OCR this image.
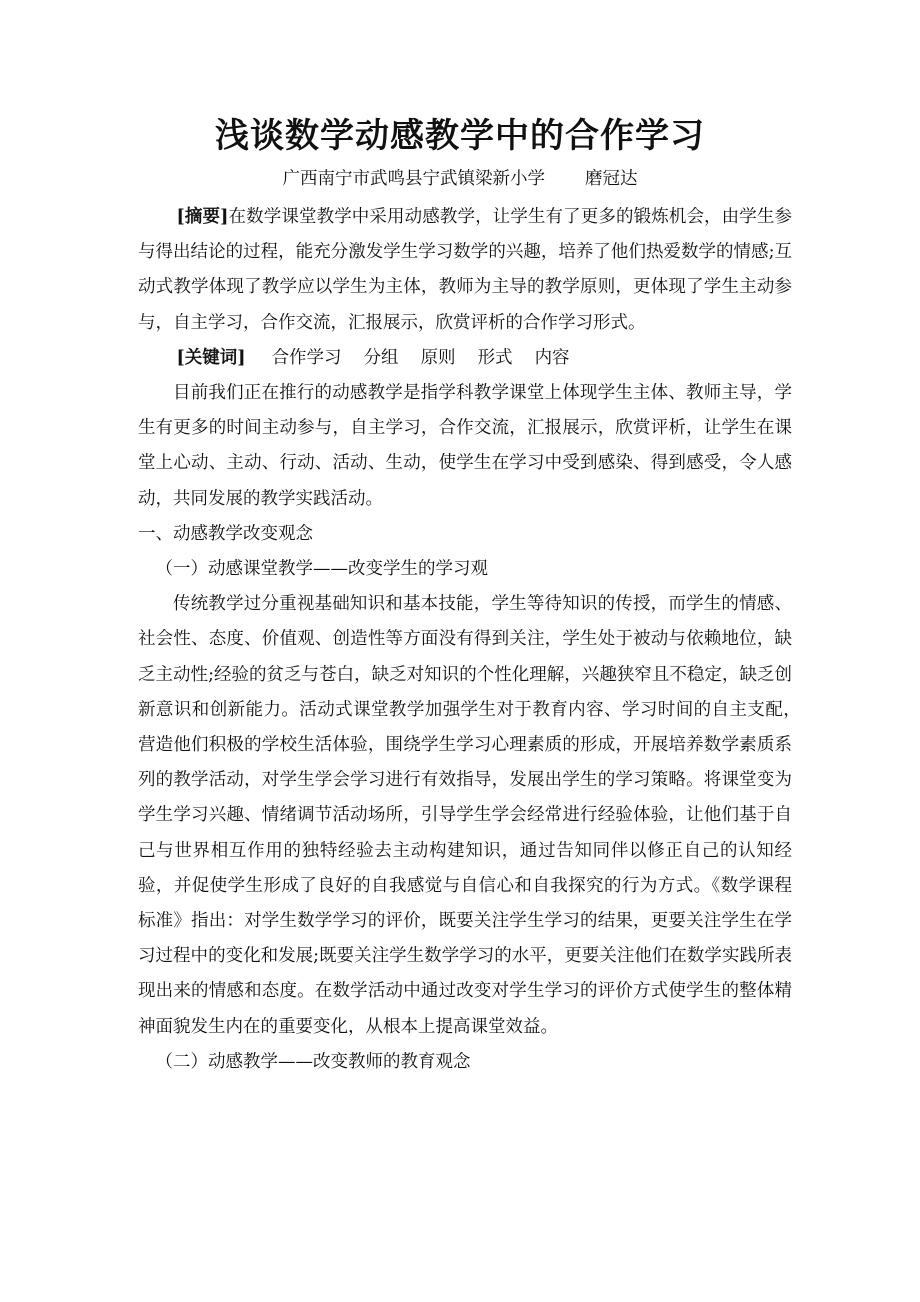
浅谈数学动感教学中的合作学习
广西南宁市武鸣县宁武镇梁新小学 磨冠达

[摘要]在数学课堂教学中采用动感教学，让学生有了更多的锻炼机会，由学生参与得出结论的过程，能充分激发学生学习数学的兴趣，培养了他们热爱数学的情感;互动式教学体现了教学应以学生为主体，教师为主导的教学原则，更体现了学生主动参与，自主学习，合作交流，汇报展示，欣赏评析的合作学习形式。

[关键词] 合作学习 分组 原则 形式 内容

目前我们正在推行的动感教学是指学科教学课堂上体现学生主体、教师主导，学生有更多的时间主动参与，自主学习，合作交流，汇报展示，欣赏评析，让学生在课堂上心动、主动、行动、活动、生动，使学生在学习中受到感染、得到感受，令人感动，共同发展的教学实践活动。

一、动感教学改变观念

（一）动感课堂教学——改变学生的学习观

传统教学过分重视基础知识和基本技能，学生等待知识的传授，而学生的情感、社会性、态度、价值观、创造性等方面没有得到关注，学生处于被动与依赖地位，缺乏主动性;经验的贫乏与苍白，缺乏对知识的个性化理解，兴趣狭窄且不稳定，缺乏创新意识和创新能力。活动式课堂教学加强学生对于教育内容、学习时间的自主支配，　营造他们积极的学校生活体验，围绕学生学习心理素质的形成，开展培养数学素质系列的教学活动，对学生学会学习进行有效指导，发展出学生的学习策略。将课堂变为学生学习兴趣、情绪调节活动场所，引导学生学会经常进行经验体验，让他们基于自己与世界相互作用的独特经验去主动构建知识，通过告知同伴以修正自己的认知经验，并促使学生形成了良好的自我感觉与自信心和自我探究的行为方式。《数学课程标准》指出：对学生数学学习的评价，既要关注学生学习的结果，更要关注学生在学习过程中的变化和发展;既要关注学生数学学习的水平，更要关注他们在数学实践所表现出来的情感和态度。在数学活动中通过改变对学生学习的评价方式使学生的整体精神面貌发生内在的重要变化，从根本上提高课堂效益。

（二）动感教学——改变教师的教育观念
